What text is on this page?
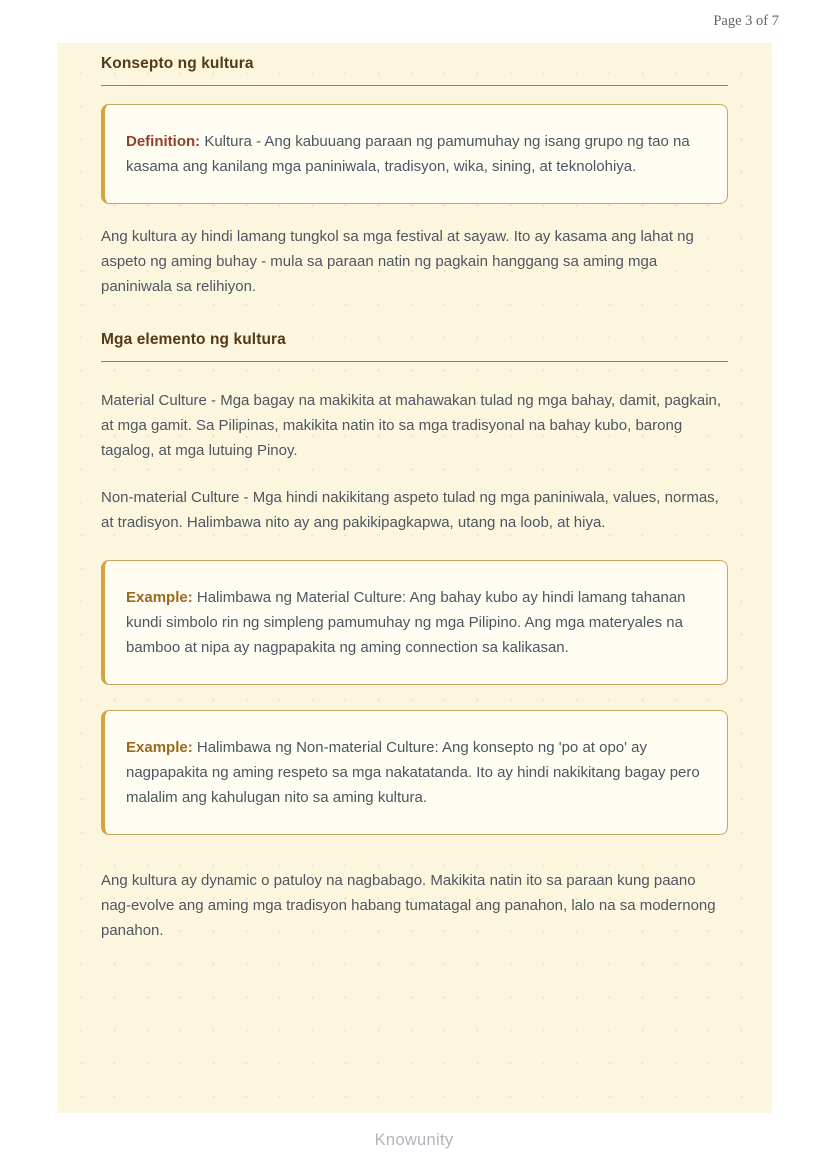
Page 3 of 7
Konsepto ng kultura
Definition: Kultura - Ang kabuuang paraan ng pamumuhay ng isang grupo ng tao na kasama ang kanilang mga paniniwala, tradisyon, wika, sining, at teknolohiya.

Ang kultura ay hindi lamang tungkol sa mga festival at sayaw. Ito ay kasama ang lahat ng aspeto ng aming buhay - mula sa paraan natin ng pagkain hanggang sa aming mga paniniwala sa relihiyon.

Mga elemento ng kultura

Material Culture - Mga bagay na makikita at mahawakan tulad ng mga bahay, damit, pagkain, at mga gamit. Sa Pilipinas, makikita natin ito sa mga tradisyonal na bahay kubo, barong tagalog, at mga lutuing Pinoy.

Non-material Culture - Mga hindi nakikitang aspeto tulad ng mga paniniwala, values, normas, at tradisyon. Halimbawa nito ay ang pakikipagkapwa, utang na loob, at hiya.

Example: Halimbawa ng Material Culture: Ang bahay kubo ay hindi lamang tahanan kundi simbolo rin ng simpleng pamumuhay ng mga Pilipino. Ang mga materyales na bamboo at nipa ay nagpapakita ng aming connection sa kalikasan.
Example: Halimbawa ng Non-material Culture: Ang konsepto ng 'po at opo' ay nagpapakita ng aming respeto sa mga nakatatanda. Ito ay hindi nakikitang bagay pero malalim ang kahulugan nito sa aming kultura.

Ang kultura ay dynamic o patuloy na nagbabago. Makikita natin ito sa paraan kung paano nag-evolve ang aming mga tradisyon habang tumatagal ang panahon, lalo na sa modernong panahon.

Knowunity
